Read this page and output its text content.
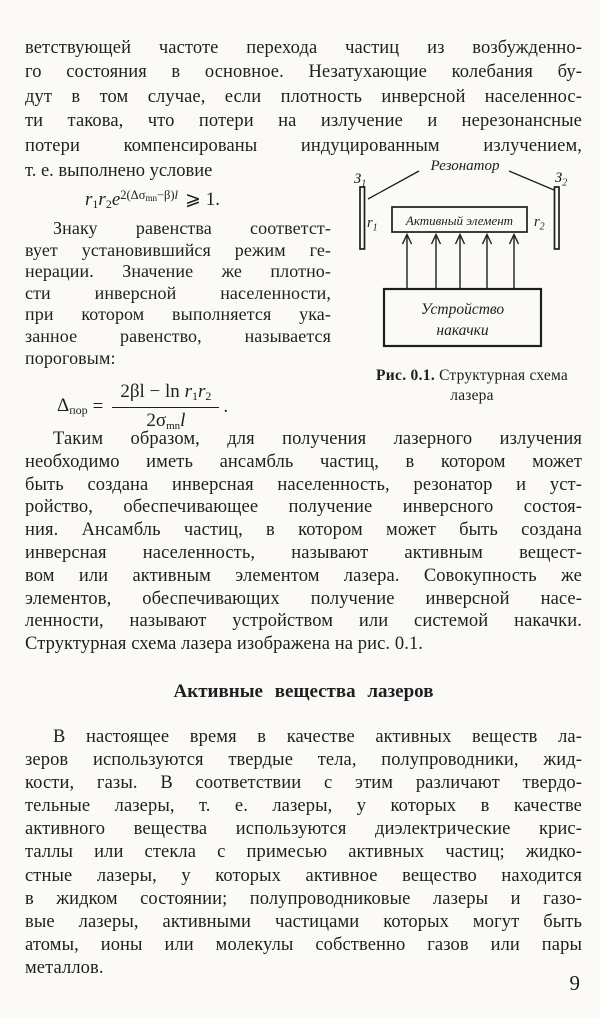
ветствующей частоте перехода частиц из возбужденно-
го состояния в основное. Незатухающие колебания бу-
дут в том случае, если плотность инверсной населеннос-
ти такова, что потери на излучение и нерезонансные
потери компенсированы индуцированным излучением,
т. е. выполнено условие
$r_1r_2e^{2(\Delta\sigma_{mn}-\beta)l}$ ⩾ 1.
Знаку равенства соответст-
вует установившийся режим ге-
нерации. Значение же плотно-
сти инверсной населенности,
при котором выполняется ука-
занное равенство, называется
пороговым:
$\Delta_{пор} = \frac{2\beta l - \ln r_1r_2}{2\sigma_{mn}l}$ .
Резонатор
$З_1$	$З_2$
$r_1$	$r_2$
Активный элемент
Устройство
накачки
Рис. 0.1. Структурная схема
лазера
Таким образом, для получения лазерного излучения
необходимо иметь ансамбль частиц, в котором может
быть создана инверсная населенность, резонатор и уст-
ройство, обеспечивающее получение инверсного состоя-
ния. Ансамбль частиц, в котором может быть создана
инверсная населенность, называют активным вещест-
вом или активным элементом лазера. Совокупность же
элементов, обеспечивающих получение инверсной насе-
ленности, называют устройством или системой накачки.
Структурная схема лазера изображена на рис. 0.1.
Активные вещества лазеров
В настоящее время в качестве активных веществ ла-
зеров используются твердые тела, полупроводники, жид-
кости, газы. В соответствии с этим различают твердо-
тельные лазеры, т. е. лазеры, у которых в качестве
активного вещества используются диэлектрические крис-
таллы или стекла с примесью активных частиц; жидко-
стные лазеры, у которых активное вещество находится
в жидком состоянии; полупроводниковые лазеры и газо-
вые лазеры, активными частицами которых могут быть
атомы, ионы или молекулы собственно газов или пары
металлов.
9
